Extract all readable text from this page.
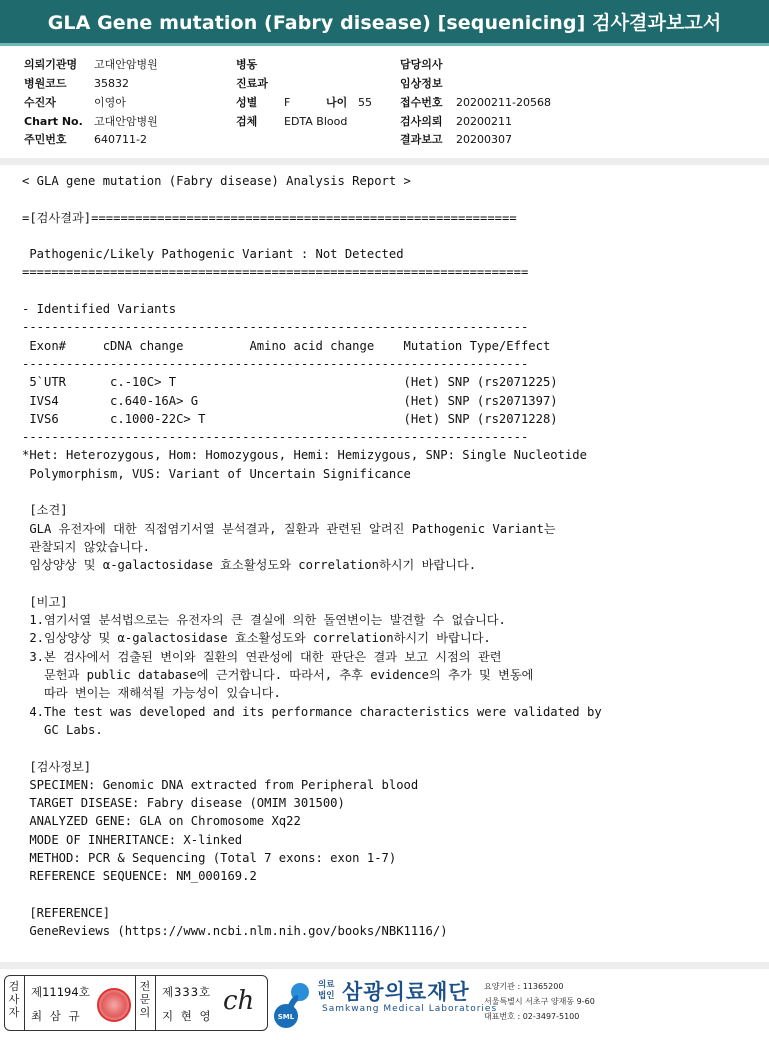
GLA Gene mutation (Fabry disease) [sequenicing] 검사결과보고서
의뢰기관명 고대안암병원
병원코드 35832
수진자	이영아
Chart No. 고대안암병원
주민번호 640711-2
병동
진료과
성별 F	나이 55
검체 EDTA Blood
담당의사
임상정보
접수번호 20200211-20568
검사의뢰 20200211
결과보고 20200307
< GLA gene mutation (Fabry disease) Analysis Report >
=[검사결과]==========================================================
Pathogenic/Likely Pathogenic Variant : Not Detected
=====================================================================
- Identified Variants
---------------------------------------------------------------------
Exon#     cDNA change         Amino acid change    Mutation Type/Effect
---------------------------------------------------------------------
5`UTR      c.-10C> T                               (Het) SNP (rs2071225)
IVS4       c.640-16A> G                            (Het) SNP (rs2071397)
IVS6       c.1000-22C> T                           (Het) SNP (rs2071228)
---------------------------------------------------------------------
*Het: Heterozygous, Hom: Homozygous, Hemi: Hemizygous, SNP: Single Nucleotide
Polymorphism, VUS: Variant of Uncertain Significance
[소견]
GLA 유전자에 대한 직접염기서열 분석결과, 질환과 관련된 알려진 Pathogenic Variant는
관찰되지 않았습니다.
임상양상 및 α-galactosidase 효소활성도와 correlation하시기 바랍니다.
[비고]
1.염기서열 분석법으로는 유전자의 큰 결실에 의한 돌연변이는 발견할 수 없습니다.
2.임상양상 및 α-galactosidase 효소활성도와 correlation하시기 바랍니다.
3.본 검사에서 검출된 변이와 질환의 연관성에 대한 판단은 결과 보고 시점의 관련
문헌과 public database에 근거합니다. 따라서, 추후 evidence의 추가 및 변동에
따라 변이는 재해석될 가능성이 있습니다.
4.The test was developed and its performance characteristics were validated by
GC Labs.
[검사정보]
SPECIMEN: Genomic DNA extracted from Peripheral blood
TARGET DISEASE: Fabry disease (OMIM 301500)
ANALYZED GENE: GLA on Chromosome Xq22
MODE OF INHERITANCE: X-linked
METHOD: PCR & Sequencing (Total 7 exons: exon 1-7)
REFERENCE SEQUENCE: NM_000169.2
[REFERENCE]
GeneReviews (https://www.ncbi.nlm.nih.gov/books/NBK1116/)
검사자
제11194호
최 삼 규
전문의
제333호
지 현 영 ch
SML
의료
법인 삼광의료재단
Samkwang Medical Laboratories
요양기관 : 11365200
서울특별시 서초구 양재동 9-60
대표번호 : 02-3497-5100
